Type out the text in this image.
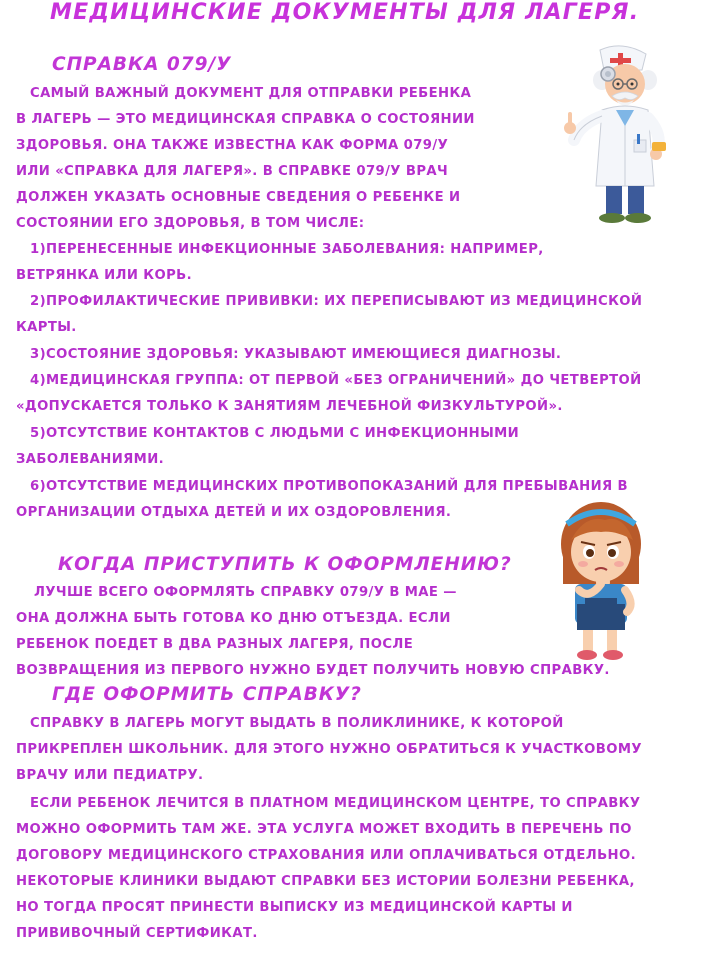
МЕДИЦИНСКИЕ ДОКУМЕНТЫ ДЛЯ ЛАГЕРЯ.
СПРАВКА 079/У
САМЫЙ ВАЖНЫЙ ДОКУМЕНТ ДЛЯ ОТПРАВКИ РЕБЕНКА
В ЛАГЕРЬ — ЭТО МЕДИЦИНСКАЯ СПРАВКА О СОСТОЯНИИ
ЗДОРОВЬЯ. ОНА ТАКЖЕ ИЗВЕСТНА КАК ФОРМА 079/У
ИЛИ «СПРАВКА ДЛЯ ЛАГЕРЯ». В СПРАВКЕ 079/У ВРАЧ
ДОЛЖЕН УКАЗАТЬ ОСНОВНЫЕ СВЕДЕНИЯ О РЕБЕНКЕ И
СОСТОЯНИИ ЕГО ЗДОРОВЬЯ, В ТОМ ЧИСЛЕ:
1)ПЕРЕНЕСЕННЫЕ ИНФЕКЦИОННЫЕ ЗАБОЛЕВАНИЯ: НАПРИМЕР,
ВЕТРЯНКА ИЛИ КОРЬ.
2)ПРОФИЛАКТИЧЕСКИЕ ПРИВИВКИ: ИХ ПЕРЕПИСЫВАЮТ ИЗ МЕДИЦИНСКОЙ
КАРТЫ.
3)СОСТОЯНИЕ ЗДОРОВЬЯ: УКАЗЫВАЮТ ИМЕЮЩИЕСЯ ДИАГНОЗЫ.
4)МЕДИЦИНСКАЯ ГРУППА: ОТ ПЕРВОЙ «БЕЗ ОГРАНИЧЕНИЙ» ДО ЧЕТВЕРТОЙ
«ДОПУСКАЕТСЯ ТОЛЬКО К ЗАНЯТИЯМ ЛЕЧЕБНОЙ ФИЗКУЛЬТУРОЙ».
5)ОТСУТСТВИЕ КОНТАКТОВ С ЛЮДЬМИ С ИНФЕКЦИОННЫМИ
ЗАБОЛЕВАНИЯМИ.
6)ОТСУТСТВИЕ МЕДИЦИНСКИХ ПРОТИВОПОКАЗАНИЙ ДЛЯ ПРЕБЫВАНИЯ В
ОРГАНИЗАЦИИ ОТДЫХА ДЕТЕЙ И ИХ ОЗДОРОВЛЕНИЯ.
КОГДА ПРИСТУПИТЬ К ОФОРМЛЕНИЮ?
ЛУЧШЕ ВСЕГО ОФОРМЛЯТЬ СПРАВКУ 079/У В МАЕ —
ОНА ДОЛЖНА БЫТЬ ГОТОВА КО ДНЮ ОТЪЕЗДА. ЕСЛИ
РЕБЕНОК ПОЕДЕТ В ДВА РАЗНЫХ ЛАГЕРЯ, ПОСЛЕ
ВОЗВРАЩЕНИЯ ИЗ ПЕРВОГО НУЖНО БУДЕТ ПОЛУЧИТЬ НОВУЮ СПРАВКУ.
ГДЕ ОФОРМИТЬ СПРАВКУ?
СПРАВКУ В ЛАГЕРЬ МОГУТ ВЫДАТЬ В ПОЛИКЛИНИКЕ, К КОТОРОЙ
ПРИКРЕПЛЕН ШКОЛЬНИК. ДЛЯ ЭТОГО НУЖНО ОБРАТИТЬСЯ К УЧАСТКОВОМУ
ВРАЧУ ИЛИ ПЕДИАТРУ.
ЕСЛИ РЕБЕНОК ЛЕЧИТСЯ В ПЛАТНОМ МЕДИЦИНСКОМ ЦЕНТРЕ, ТО СПРАВКУ
МОЖНО ОФОРМИТЬ ТАМ ЖЕ. ЭТА УСЛУГА МОЖЕТ ВХОДИТЬ В ПЕРЕЧЕНЬ ПО
ДОГОВОРУ МЕДИЦИНСКОГО СТРАХОВАНИЯ ИЛИ ОПЛАЧИВАТЬСЯ ОТДЕЛЬНО.
НЕКОТОРЫЕ КЛИНИКИ ВЫДАЮТ СПРАВКИ БЕЗ ИСТОРИИ БОЛЕЗНИ РЕБЕНКА,
НО ТОГДА ПРОСЯТ ПРИНЕСТИ ВЫПИСКУ ИЗ МЕДИЦИНСКОЙ КАРТЫ И
ПРИВИВОЧНЫЙ СЕРТИФИКАТ.
